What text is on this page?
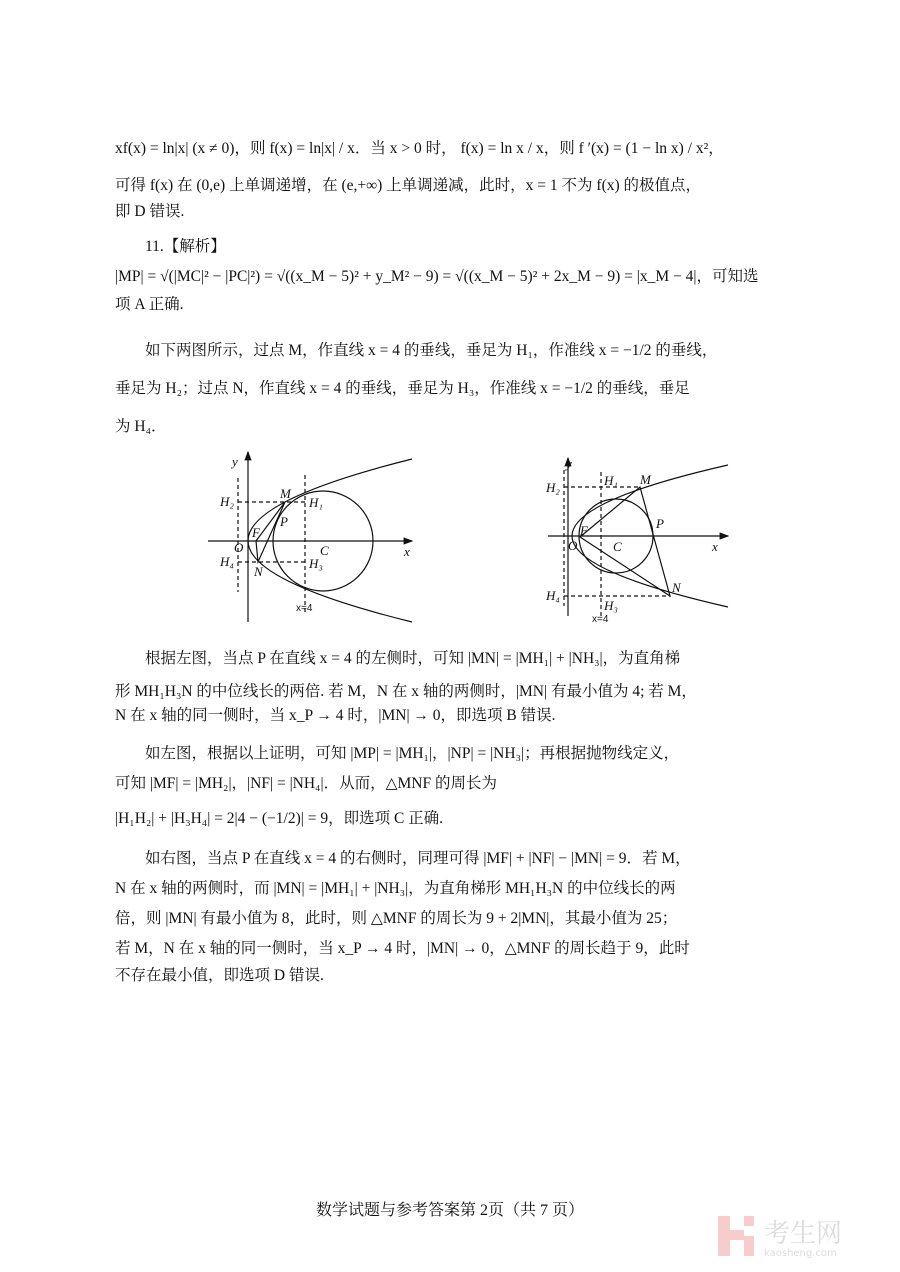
xf(x) = ln|x| (x ≠ 0)，则 f(x) = ln|x| / x．当 x > 0 时， f(x) = ln x / x，则 f ′(x) = (1 − ln x) / x²，
可得 f(x) 在 (0,e) 上单调递增，在 (e,+∞) 上单调递减，此时，x = 1 不为 f(x) 的极值点，
即 D 错误.
11.【解析】
|MP| = √(|MC|² − |PC|²) = √((x_M − 5)² + y_M² − 9) = √((x_M − 5)² + 2x_M − 9) = |x_M − 4|，可知选
项 A 正确.
如下两图所示，过点 M，作直线 x = 4 的垂线，垂足为 H₁，作准线 x = −1/2 的垂线，
垂足为 H₂；过点 N，作直线 x = 4 的垂线，垂足为 H₃，作准线 x = −1/2 的垂线，垂足
为 H₄．
y
x
O
F
M
N
P
C
H₁
H₂
H₃
H₄
x=4
y
x
O
F
M
N
P
C
H₁
H₂
H₃
H₄
x=4
根据左图，当点 P 在直线 x = 4 的左侧时，可知 |MN| = |MH₁| + |NH₃|，为直角梯
形 MH₁H₃N 的中位线长的两倍. 若 M，N 在 x 轴的两侧时，|MN| 有最小值为 4; 若 M，
N 在 x 轴的同一侧时，当 x_P → 4 时，|MN| → 0，即选项 B 错误.
如左图，根据以上证明，可知 |MP| = |MH₁|，|NP| = |NH₃|；再根据抛物线定义，
可知 |MF| = |MH₂|，|NF| = |NH₄|．从而，△MNF 的周长为
|H₁H₂| + |H₃H₄| = 2|4 − (−1/2)| = 9，即选项 C 正确.
如右图，当点 P 在直线 x = 4 的右侧时，同理可得 |MF| + |NF| − |MN| = 9．若 M，
N 在 x 轴的两侧时，而 |MN| = |MH₁| + |NH₃|，为直角梯形 MH₁H₃N 的中位线长的两
倍，则 |MN| 有最小值为 8，此时，则 △MNF 的周长为 9 + 2|MN|，其最小值为 25；
若 M，N 在 x 轴的同一侧时，当 x_P → 4 时，|MN| → 0，△MNF 的周长趋于 9，此时
不存在最小值，即选项 D 错误.
数学试题与参考答案第 2页（共 7 页）
考生网
kaosheng.com
